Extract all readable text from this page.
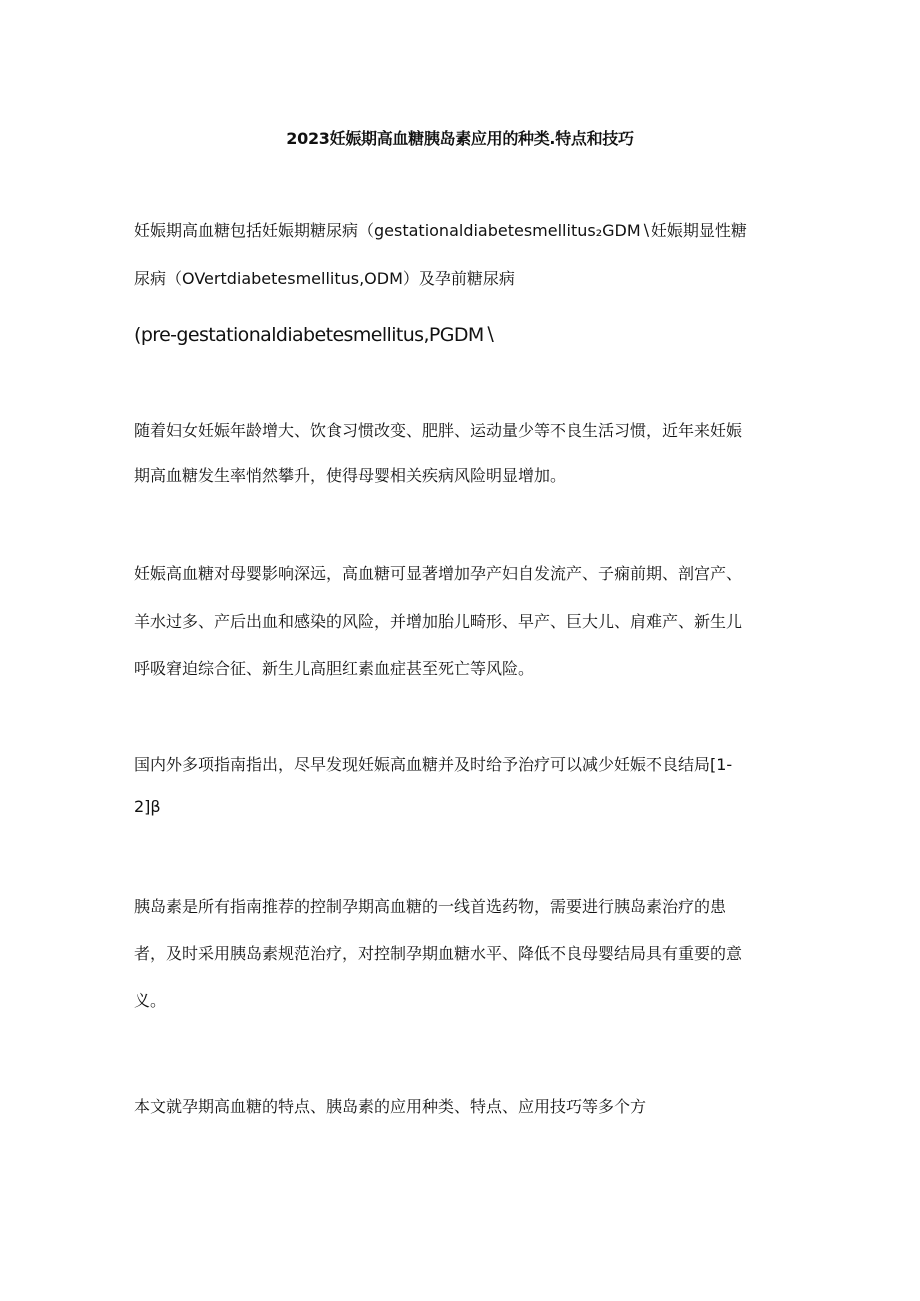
2023妊娠期高血糖胰岛素应用的种类.特点和技巧
妊娠期高血糖包括妊娠期糖尿病（gestationaldiabetesmellitus₂GDM∖妊娠期显性糖
尿病（OVertdiabetesmellitus,ODM）及孕前糖尿病
(pre-gestationaldiabetesmellitus,PGDM∖
随着妇女妊娠年龄增大、饮食习惯改变、肥胖、运动量少等不良生活习惯，近年来妊娠
期高血糖发生率悄然攀升，使得母婴相关疾病风险明显增加。
妊娠高血糖对母婴影响深远，高血糖可显著增加孕产妇自发流产、子痫前期、剖宫产、
羊水过多、产后出血和感染的风险，并增加胎儿畸形、早产、巨大儿、肩难产、新生儿
呼吸窘迫综合征、新生儿高胆红素血症甚至死亡等风险。
国内外多项指南指出，尽早发现妊娠高血糖并及时给予治疗可以减少妊娠不良结局[1-
2]β
胰岛素是所有指南推荐的控制孕期高血糖的一线首选药物，需要进行胰岛素治疗的患
者，及时采用胰岛素规范治疗，对控制孕期血糖水平、降低不良母婴结局具有重要的意
义。
本文就孕期高血糖的特点、胰岛素的应用种类、特点、应用技巧等多个方
